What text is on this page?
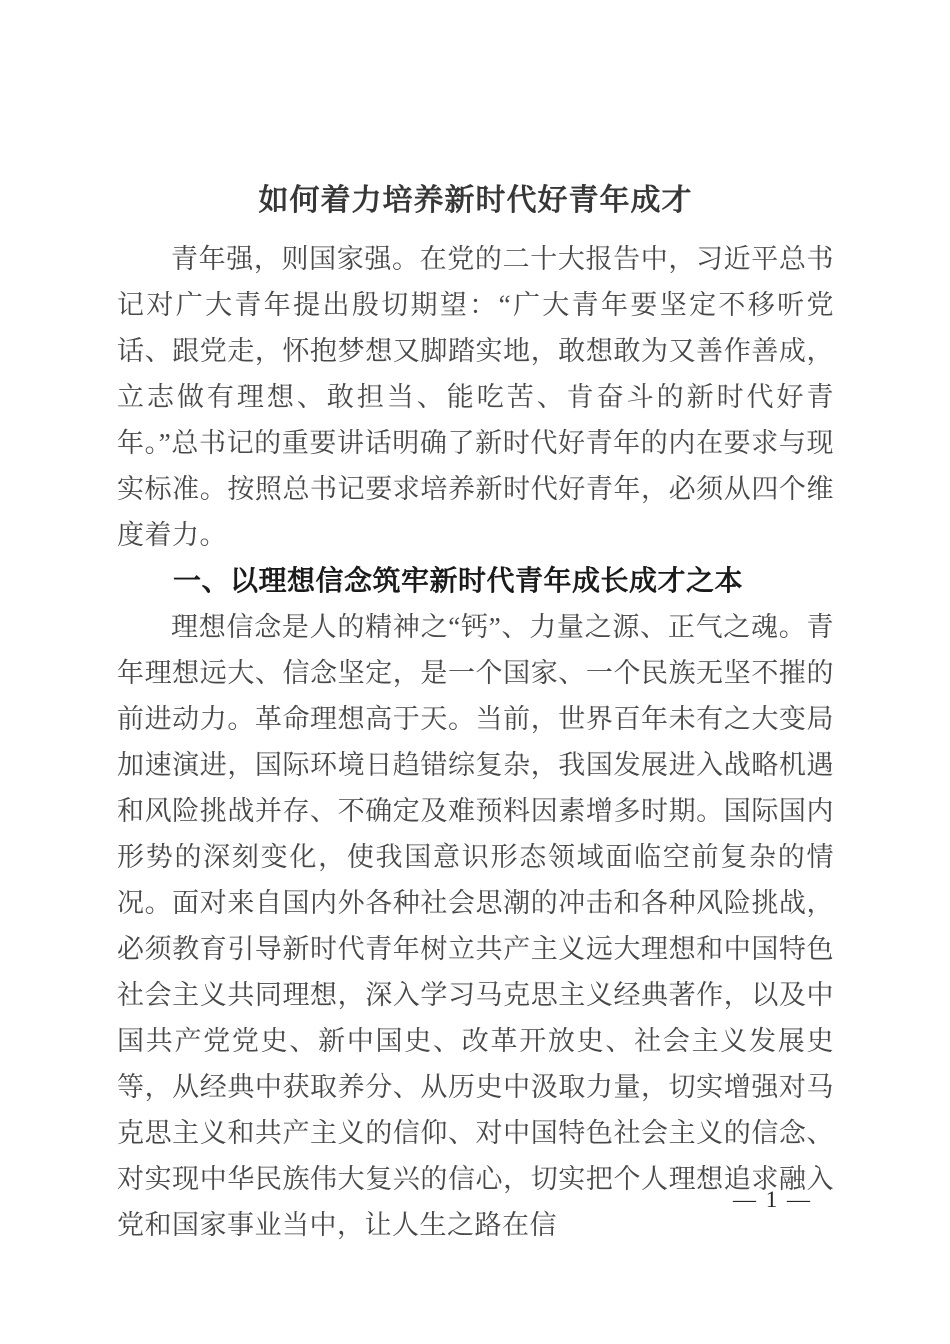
如何着力培养新时代好青年成才

青年强，则国家强。在党的二十大报告中，习近平总书记对广大青年提出殷切期望：“广大青年要坚定不移听党话、跟党走，怀抱梦想又脚踏实地，敢想敢为又善作善成，立志做有理想、敢担当、能吃苦、肯奋斗的新时代好青年。”总书记的重要讲话明确了新时代好青年的内在要求与现实标准。按照总书记要求培养新时代好青年，必须从四个维度着力。

一、以理想信念筑牢新时代青年成长成才之本

理想信念是人的精神之“钙”、力量之源、正气之魂。青年理想远大、信念坚定，是一个国家、一个民族无坚不摧的前进动力。革命理想高于天。当前，世界百年未有之大变局加速演进，国际环境日趋错综复杂，我国发展进入战略机遇和风险挑战并存、不确定及难预料因素增多时期。国际国内形势的深刻变化，使我国意识形态领域面临空前复杂的情况。面对来自国内外各种社会思潮的冲击和各种风险挑战，必须教育引导新时代青年树立共产主义远大理想和中国特色社会主义共同理想，深入学习马克思主义经典著作，以及中国共产党党史、新中国史、改革开放史、社会主义发展史等，从经典中获取养分、从历史中汲取力量，切实增强对马克思主义和共产主义的信仰、对中国特色社会主义的信念、对实现中华民族伟大复兴的信心，切实把个人理想追求融入党和国家事业当中，让人生之路在信

— 1 —
